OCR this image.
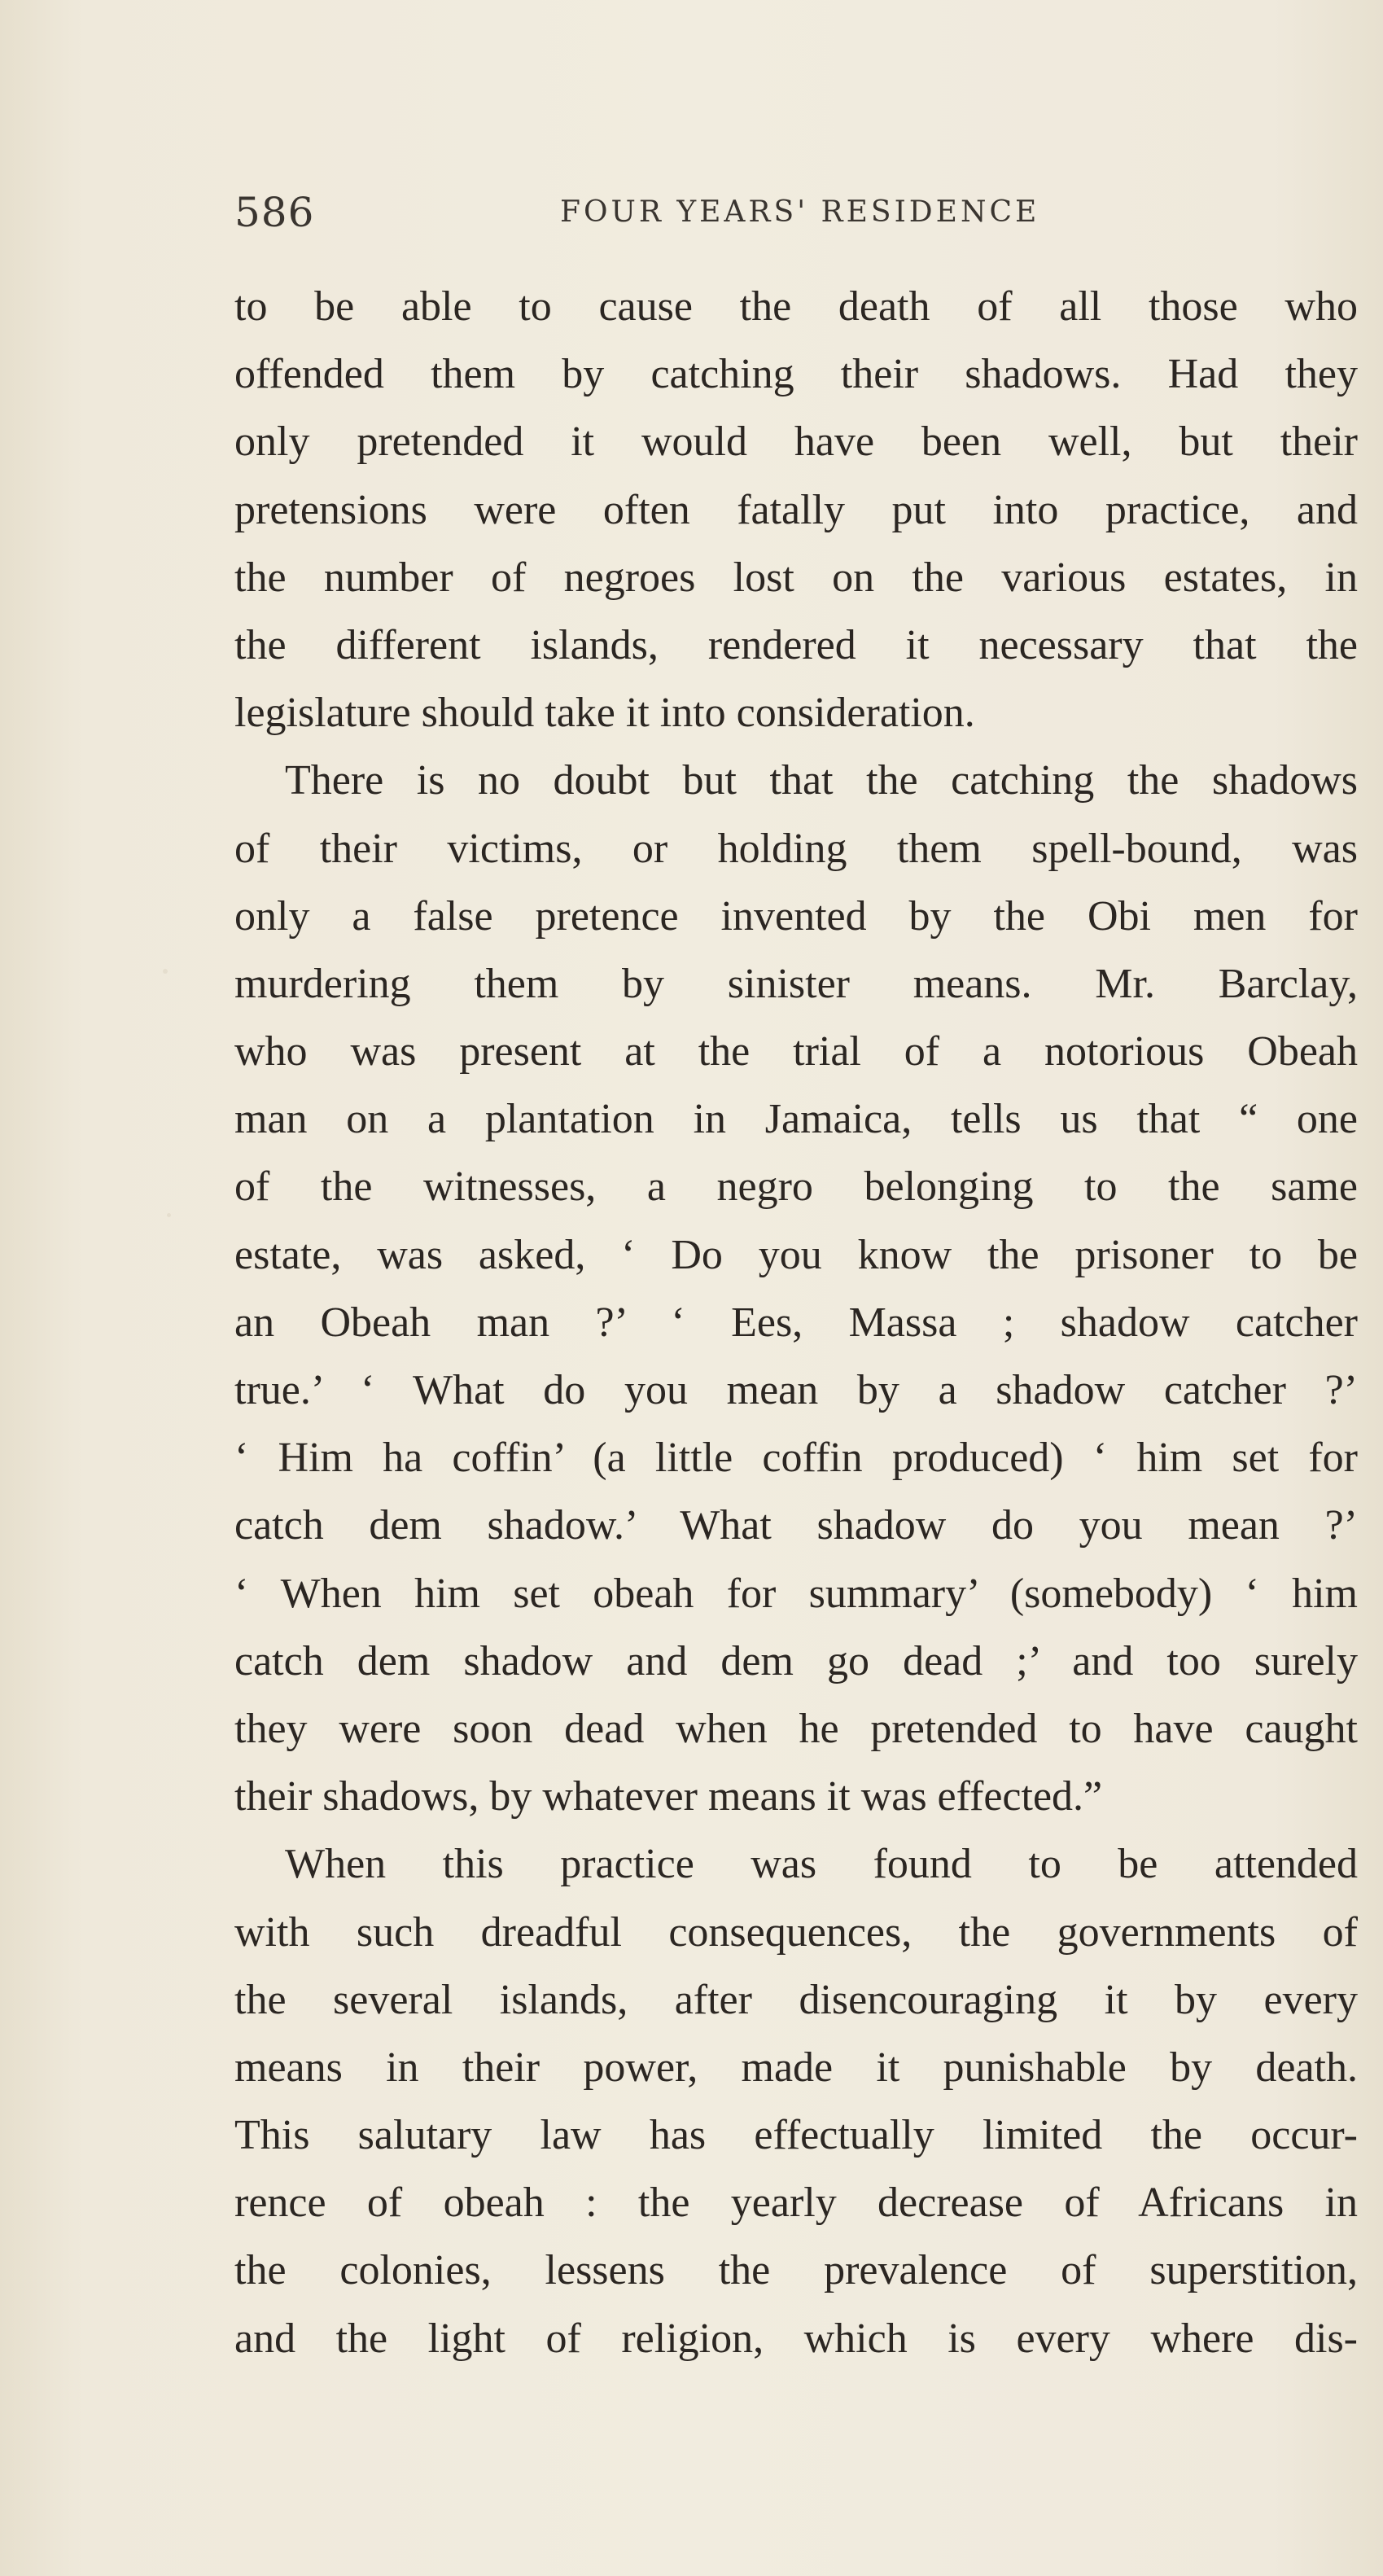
586	FOUR YEARS' RESIDENCE
to be able to cause the death of all those who
offended them by catching their shadows. Had they
only pretended it would have been well, but their
pretensions were often fatally put into practice, and
the number of negroes lost on the various estates, in
the different islands, rendered it necessary that the
legislature should take it into consideration.
There is no doubt but that the catching the shadows
of their victims, or holding them spell-bound, was
only a false pretence invented by the Obi men for
murdering them by sinister means. Mr. Barclay,
who was present at the trial of a notorious Obeah
man on a plantation in Jamaica, tells us that “ one
of the witnesses, a negro belonging to the same
estate, was asked, ‘ Do you know the prisoner to be
an Obeah man ?’ ‘ Ees, Massa ; shadow catcher
true.’ ‘ What do you mean by a shadow catcher ?’
‘ Him ha coffin’ (a little coffin produced) ‘ him set for
catch dem shadow.’ What shadow do you mean ?’
‘ When him set obeah for summary’ (somebody) ‘ him
catch dem shadow and dem go dead ;’ and too surely
they were soon dead when he pretended to have caught
their shadows, by whatever means it was effected.”
When this practice was found to be attended
with such dreadful consequences, the governments of
the several islands, after disencouraging it by every
means in their power, made it punishable by death.
This salutary law has effectually limited the occur-
rence of obeah : the yearly decrease of Africans in
the colonies, lessens the prevalence of superstition,
and the light of religion, which is every where dis-
